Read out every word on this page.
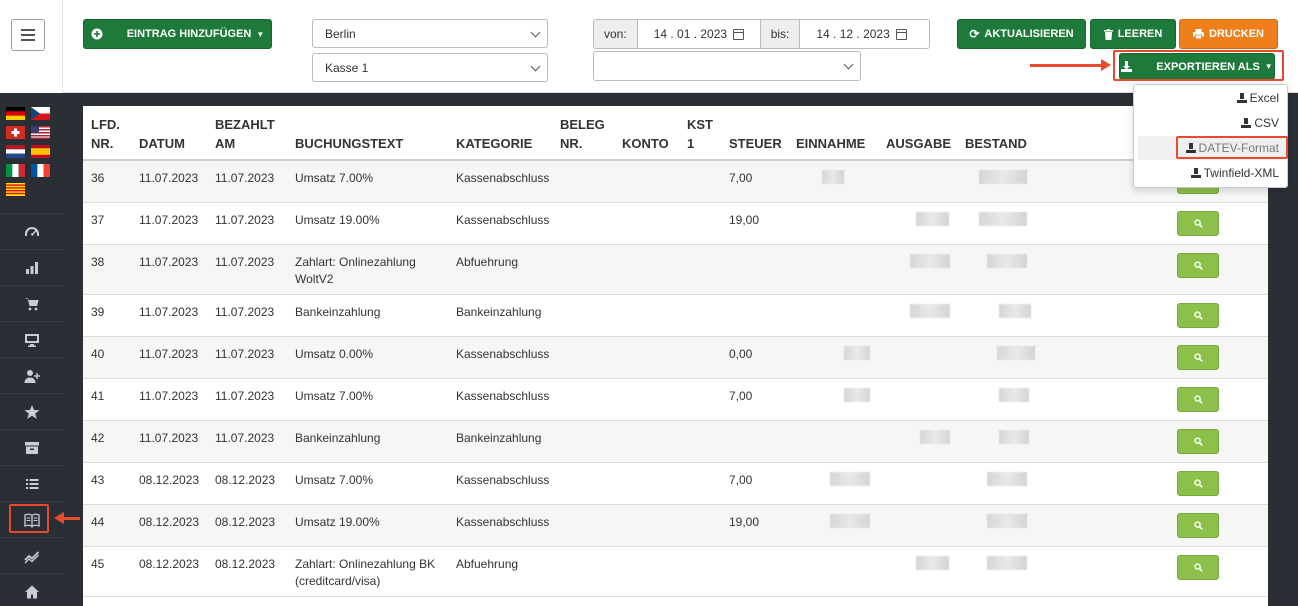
EINTRAG HINZUFÜGEN ▼	Berlin
Kasse 1
von:	14 . 01 . 2023	bis:	14 . 12 . 2023	⟳ AKTUALISIEREN	LEEREN	DRUCKEN
EXPORTIEREN ALS ▼
LFD.
NR.	DATUM	BEZAHLT
AM	BUCHUNGSTEXT	KATEGORIE	BELEG
NR.	KONTO	KST
1	STEUER	EINNAHME	AUSGABE	BESTAND	
36	11.07.2023	11.07.2023	Umsatz 7.00%	Kassenabschluss				7,00				

37	11.07.2023	11.07.2023	Umsatz 19.00%	Kassenabschluss				19,00				

38	11.07.2023	11.07.2023	Zahlart: Onlinezahlung
WoltV2	Abfuehrung								

39	11.07.2023	11.07.2023	Bankeinzahlung	Bankeinzahlung								

40	11.07.2023	11.07.2023	Umsatz 0.00%	Kassenabschluss				0,00				

41	11.07.2023	11.07.2023	Umsatz 7.00%	Kassenabschluss				7,00				

42	11.07.2023	11.07.2023	Bankeinzahlung	Bankeinzahlung								

43	08.12.2023	08.12.2023	Umsatz 7.00%	Kassenabschluss				7,00				

44	08.12.2023	08.12.2023	Umsatz 19.00%	Kassenabschluss				19,00				

45	08.12.2023	08.12.2023	Zahlart: Onlinezahlung BK
(creditcard/visa)	Abfuehrung								
Excel
CSV
DATEV-Format
Twinfield-XML
